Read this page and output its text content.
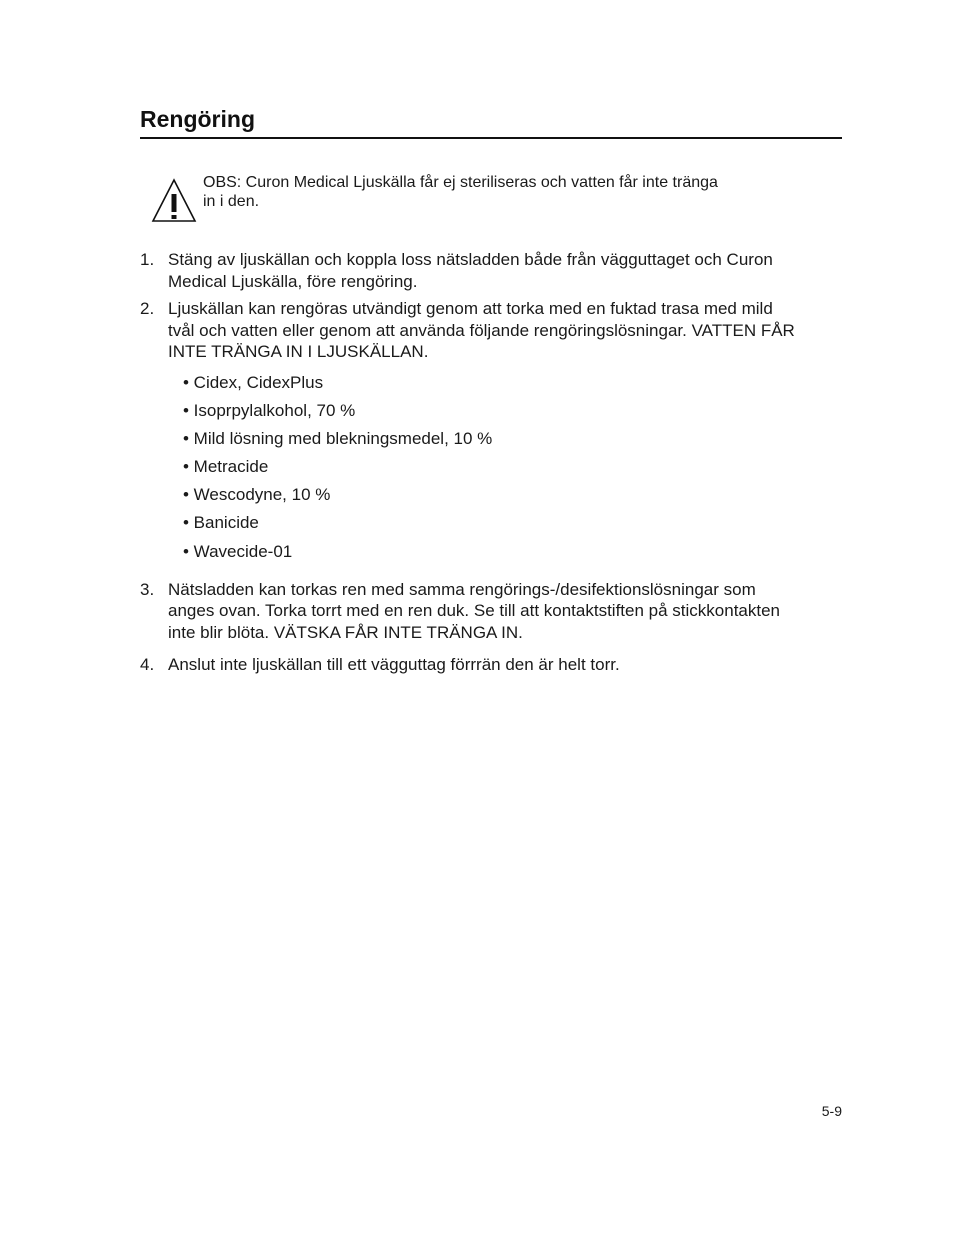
Rengöring
OBS: Curon Medical Ljuskälla får ej steriliseras och vatten får inte tränga
in i den.
1. Stäng av ljuskällan och koppla loss nätsladden både från vägguttaget och Curon
Medical Ljuskälla, före rengöring.
2. Ljuskällan kan rengöras utvändigt genom att torka med en fuktad trasa med mild
tvål och vatten eller genom att använda följande rengöringslösningar. VATTEN FÅR
INTE TRÄNGA IN I LJUSKÄLLAN.
• Cidex, CidexPlus
• Isoprpylalkohol, 70 %
• Mild lösning med blekningsmedel, 10 %
• Metracide
• Wescodyne, 10 %
• Banicide
• Wavecide-01
3. Nätsladden kan torkas ren med samma rengörings-/desifektionslösningar som
anges ovan. Torka torrt med en ren duk. Se till att kontaktstiften på stickkontakten
inte blir blöta. VÄTSKA FÅR INTE TRÄNGA IN.
4. Anslut inte ljuskällan till ett vägguttag förrrän den är helt torr.
5-9
